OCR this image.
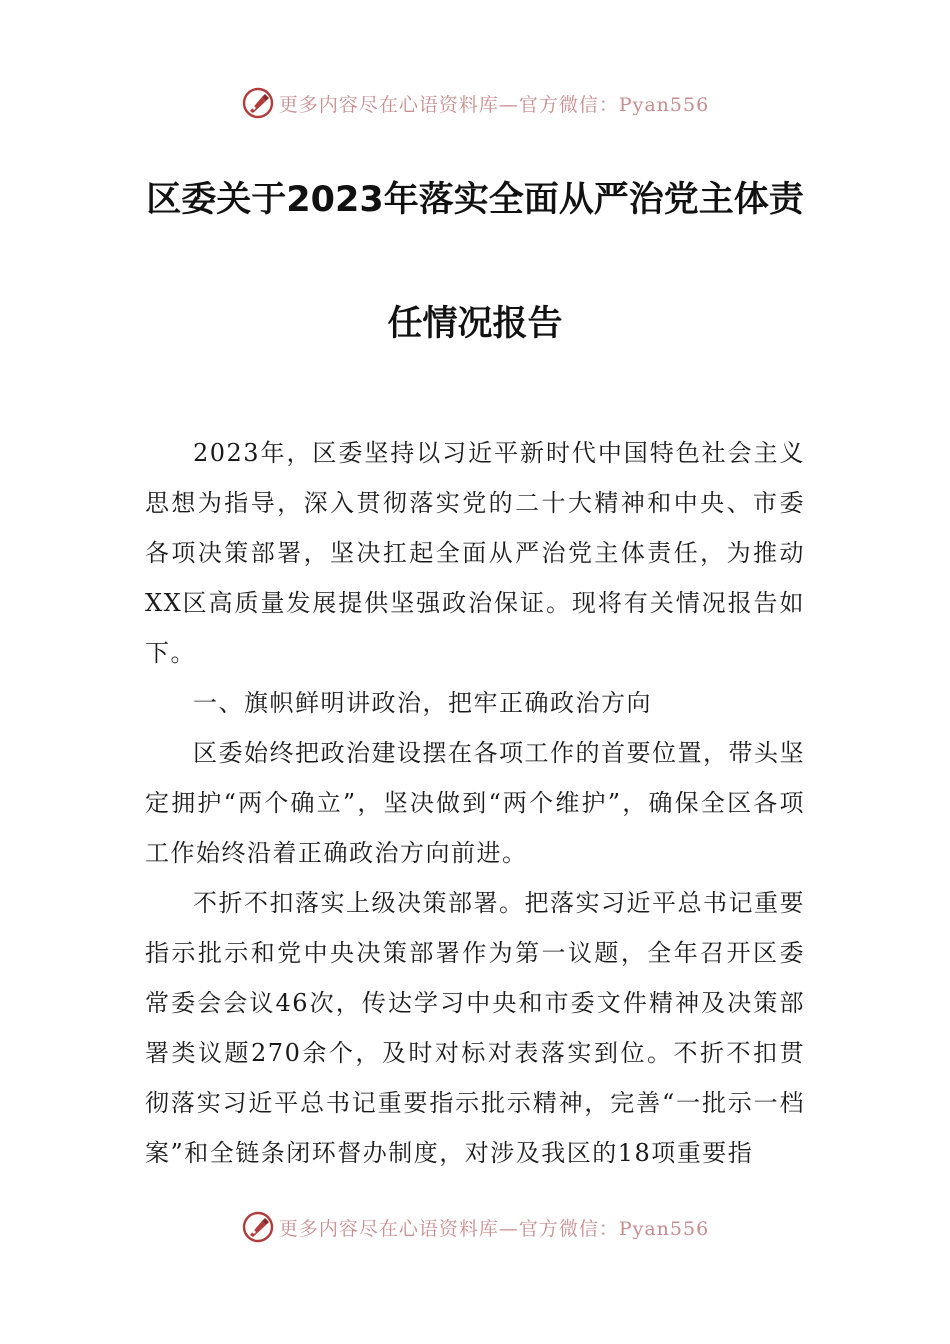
更多内容尽在心语资料库—官方微信：Pyan556
区委关于2023年落实全面从严治党主体责
任情况报告

2023年，区委坚持以习近平新时代中国特色社会主义思想为指导，深入贯彻落实党的二十大精神和中央、市委各项决策部署，坚决扛起全面从严治党主体责任，为推动XX区高质量发展提供坚强政治保证。现将有关情况报告如下。

一、旗帜鲜明讲政治，把牢正确政治方向

区委始终把政治建设摆在各项工作的首要位置，带头坚定拥护“两个确立”，坚决做到“两个维护”，确保全区各项工作始终沿着正确政治方向前进。

不折不扣落实上级决策部署。把落实习近平总书记重要指示批示和党中央决策部署作为第一议题，全年召开区委常委会会议46次，传达学习中央和市委文件精神及决策部署类议题270余个，及时对标对表落实到位。不折不扣贯彻落实习近平总书记重要指示批示精神，完善“一批示一档案”和全链条闭环督办制度，对涉及我区的18项重要指

更多内容尽在心语资料库—官方微信：Pyan556
